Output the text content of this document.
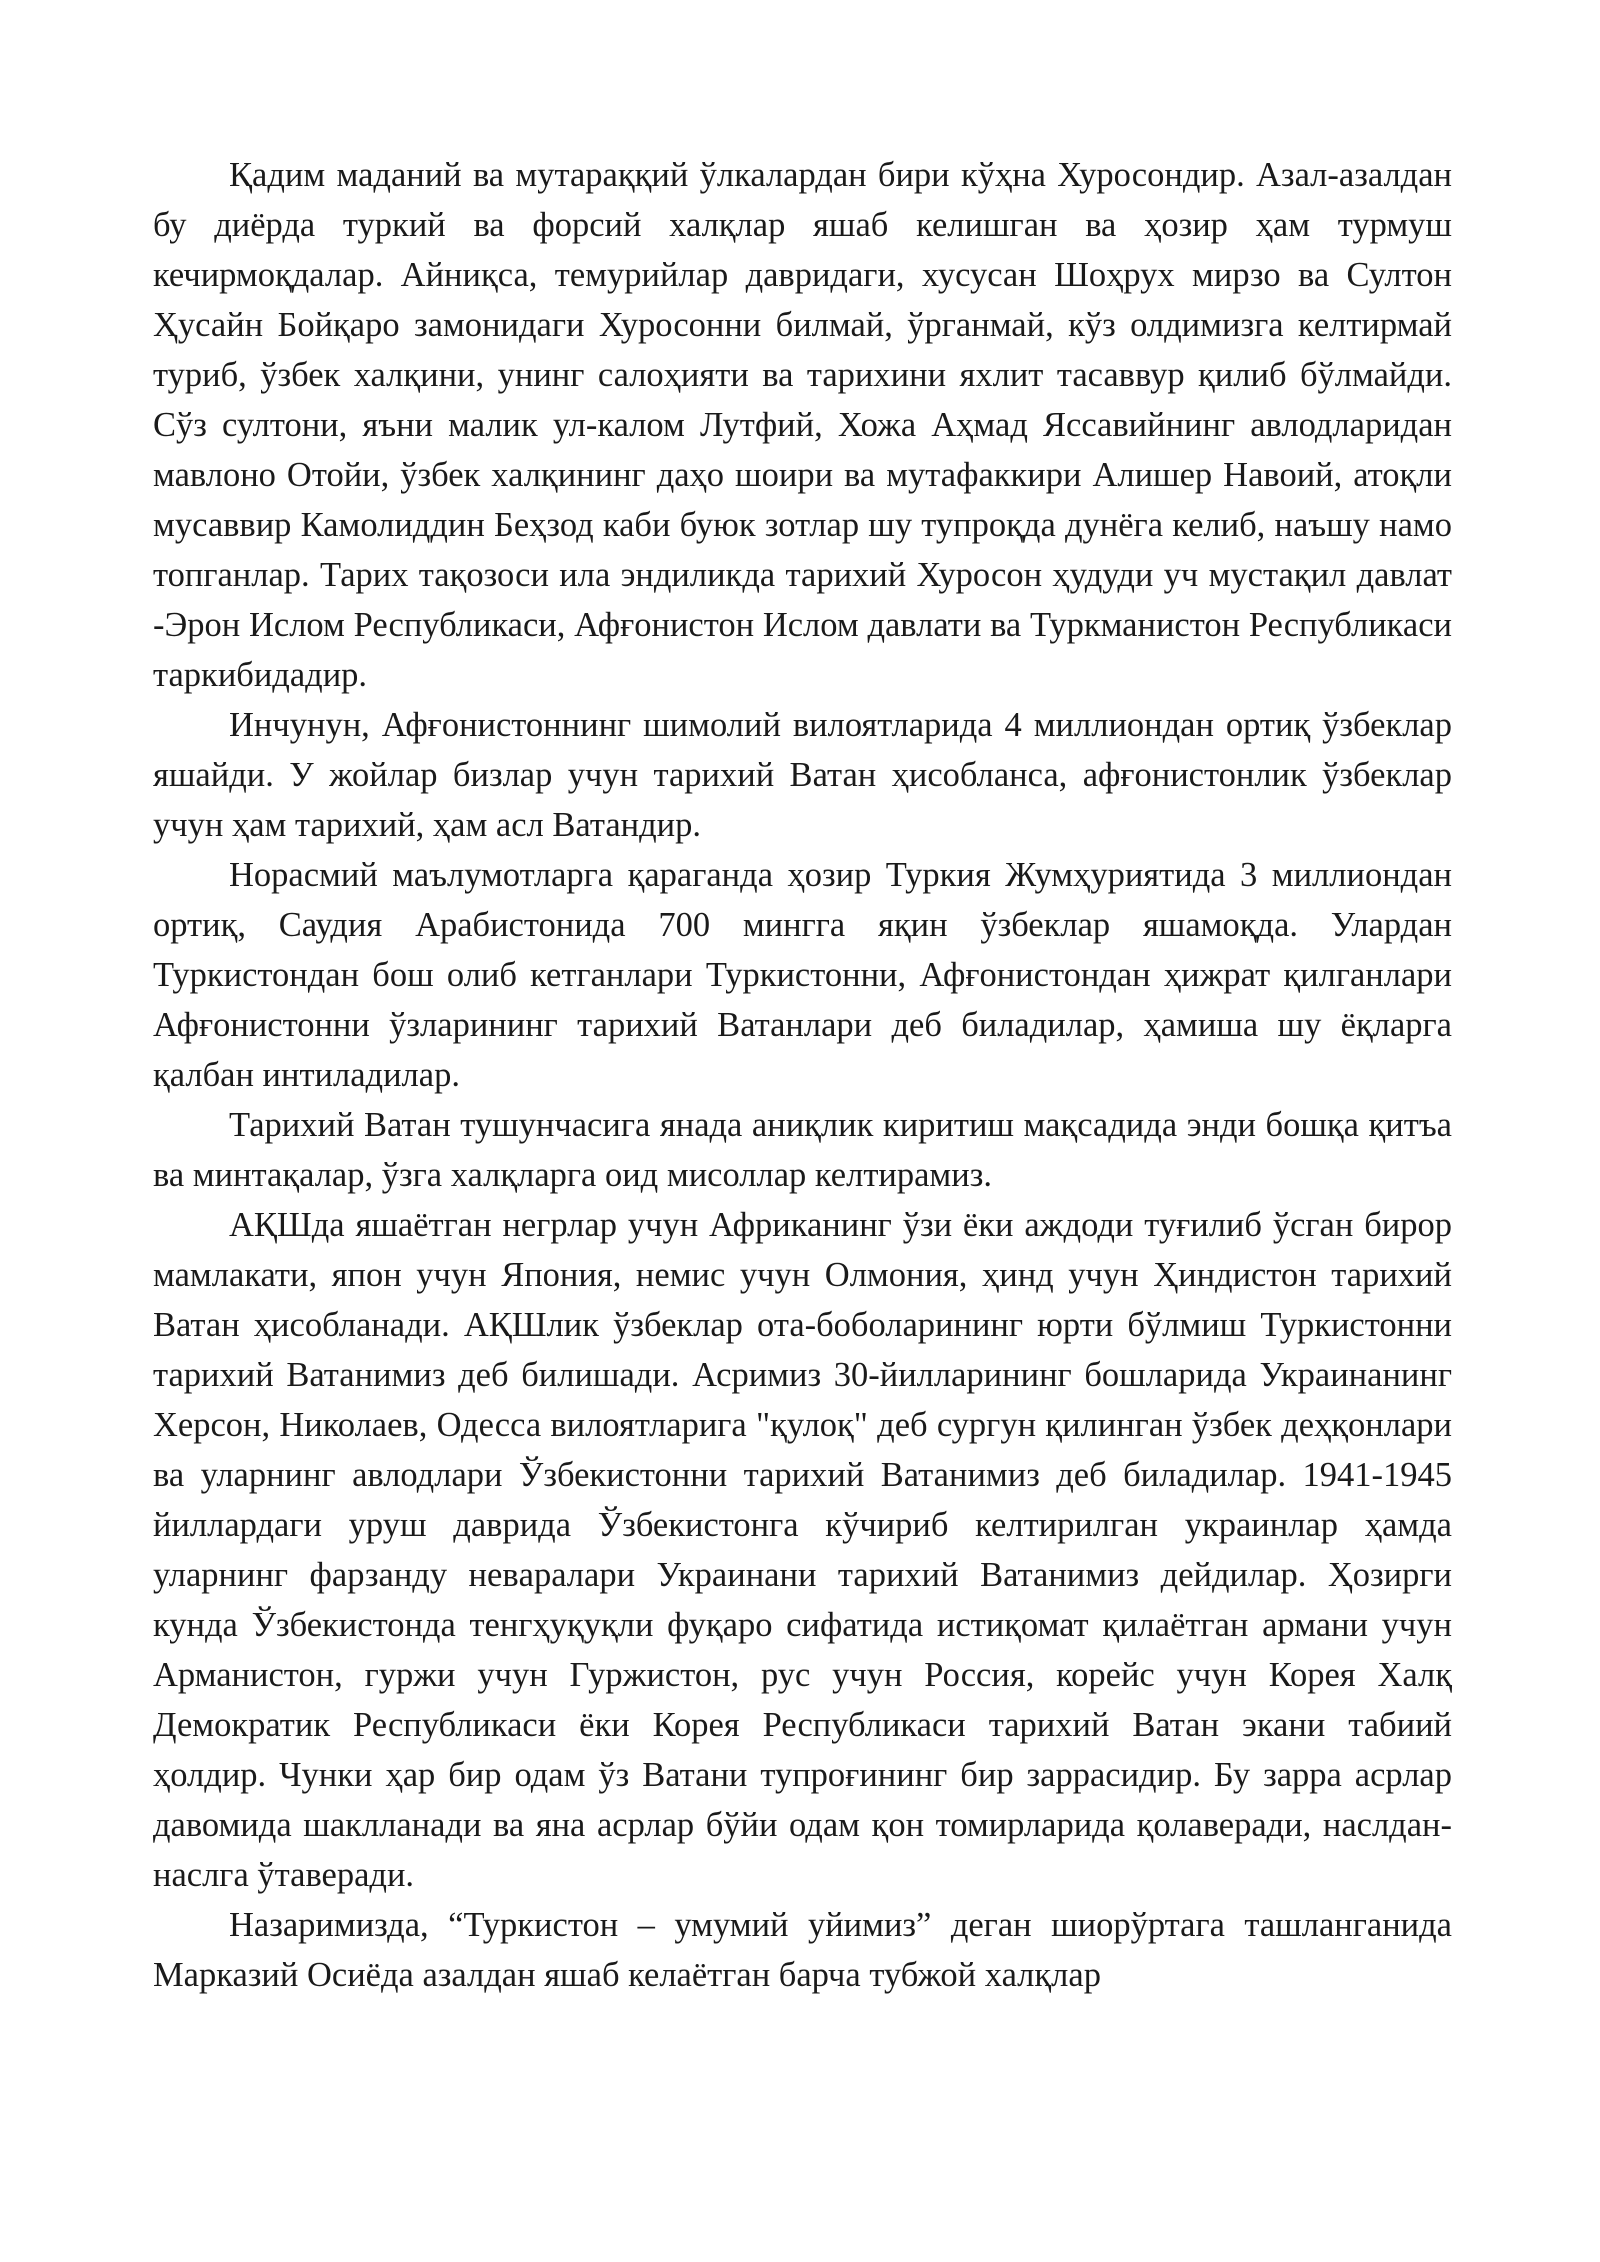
Қадим маданий ва мутараққий ўлкалардан бири кўҳна Хуросондир. Азал-азалдан бу диёрда туркий ва форсий халқлар яшаб келишган ва ҳозир ҳам турмуш кечирмоқдалар. Айниқса, темурийлар давридаги, хусусан Шоҳрух мирзо ва Султон Ҳусайн Бойқаро замонидаги Хуросонни билмай, ўрганмай, кўз олдимизга келтирмай туриб, ўзбек халқини, унинг салоҳияти ва тарихини яхлит тасаввур қилиб бўлмайди. Сўз султони, яъни малик ул-калом Лутфий, Хожа Аҳмад Яссавийнинг авлодларидан мавлоно Отойи, ўзбек халқининг даҳо шоири ва мутафаккири Алишер Навоий, атоқли мусаввир Камолиддин Беҳзод каби буюк зотлар шу тупроқда дунёга келиб, наъшу намо топганлар. Тарих тақозоси ила эндиликда тарихий Хуросон ҳудуди уч мустақил давлат -Эрон Ислом Республикаси, Афғонистон Ислом давлати ва Туркманистон Республикаси таркибидадир.

Инчунун, Афғонистоннинг шимолий вилоятларида 4 миллиондан ортиқ ўзбеклар яшайди. У жойлар бизлар учун тарихий Ватан ҳисобланса, афғонистонлик ўзбеклар учун ҳам тарихий, ҳам асл Ватандир.

Норасмий маълумотларга қараганда ҳозир Туркия Жумҳуриятида 3 миллиондан ортиқ, Саудия Арабистонида 700 мингга яқин ўзбеклар яшамоқда. Улардан Туркистондан бош олиб кетганлари Туркистонни, Афғонистондан ҳижрат қилганлари Афғонистонни ўзларининг тарихий Ватанлари деб биладилар, ҳамиша шу ёқларга қалбан интиладилар.

Тарихий Ватан тушунчасига янада аниқлик киритиш мақсадида энди бошқа қитъа ва минтақалар, ўзга халқларга оид мисоллар келтирамиз.

АҚШда яшаётган негрлар учун Африканинг ўзи ёки аждоди туғилиб ўсган бирор мамлакати, япон учун Япония, немис учун Олмония, ҳинд учун Ҳиндистон тарихий Ватан ҳисобланади. АҚШлик ўзбеклар ота-боболарининг юрти бўлмиш Туркистонни тарихий Ватанимиз деб билишади. Асримиз 30-йилларининг бошларида Украинанинг Херсон, Николаев, Одесса вилоятларига "қулоқ" деб сургун қилинган ўзбек деҳқонлари ва уларнинг авлодлари Ўзбекистонни тарихий Ватанимиз деб биладилар. 1941-1945 йиллардаги уруш даврида Ўзбекистонга кўчириб келтирилган украинлар ҳамда уларнинг фарзанду невaралари Украинани тарихий Ватанимиз дейдилар. Ҳозирги кунда Ўзбекистонда тенгҳуқуқли фуқаро сифатида истиқомат қилаётган армани учун Арманистон, гуржи учун Гуржистон, рус учун Россия, корейс учун Корея Халқ Демократик Республикаси ёки Корея Республикаси тарихий Ватан экани табиий ҳолдир. Чунки ҳар бир одам ўз Ватани тупроғининг бир заррасидир. Бу зарра асрлар давомида шаклланади ва яна асрлар бўйи одам қон томирларида қолаверади, наслдан-наслга ўтаверади.

Назаримизда, “Туркистон – умумий уйимиз” деган шиорўртага ташланганида Марказий Осиёда азалдан яшаб келаётган барча тубжой халқлар
